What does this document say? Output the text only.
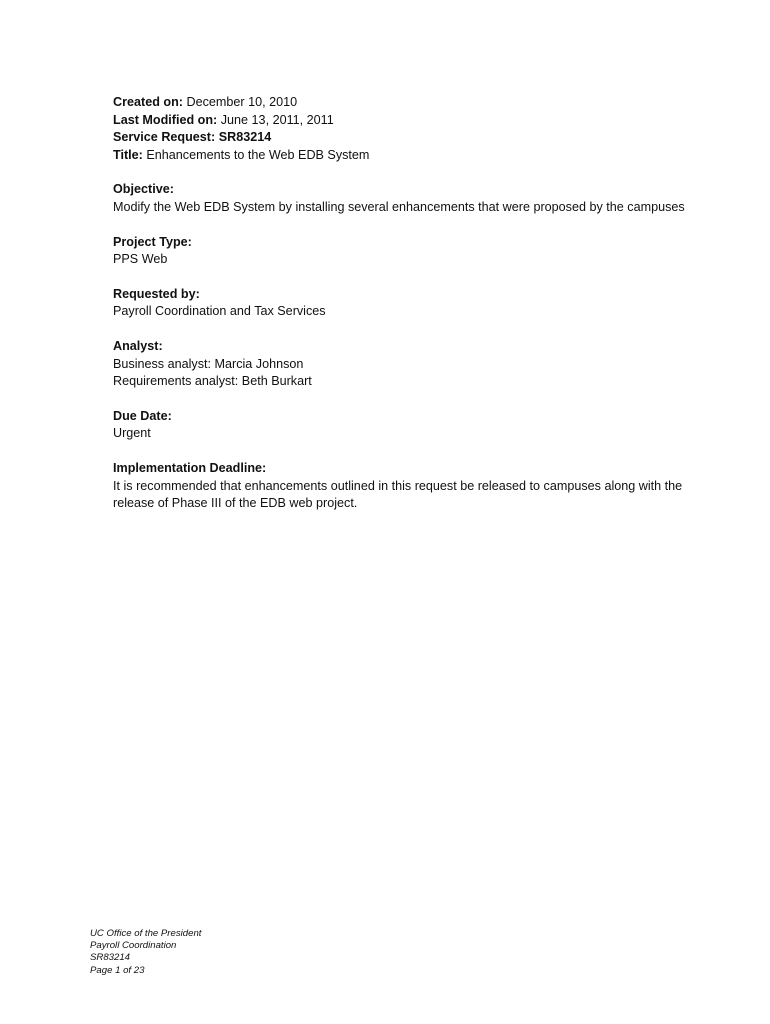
Created on: December 10, 2010

Last Modified on: June 13, 2011, 2011

Service Request: SR83214

Title: Enhancements to the Web EDB System

Objective:

Modify the Web EDB System by installing several enhancements that were proposed by the campuses

Project Type:

PPS Web

Requested by:

Payroll Coordination and Tax Services

Analyst:

Business analyst: Marcia Johnson

Requirements analyst: Beth Burkart

Due Date:

Urgent

Implementation Deadline:

It is recommended that enhancements outlined in this request be released to campuses along with the release of Phase III of the EDB web project.

UC Office of the President
Payroll Coordination
SR83214
Page 1 of 23
